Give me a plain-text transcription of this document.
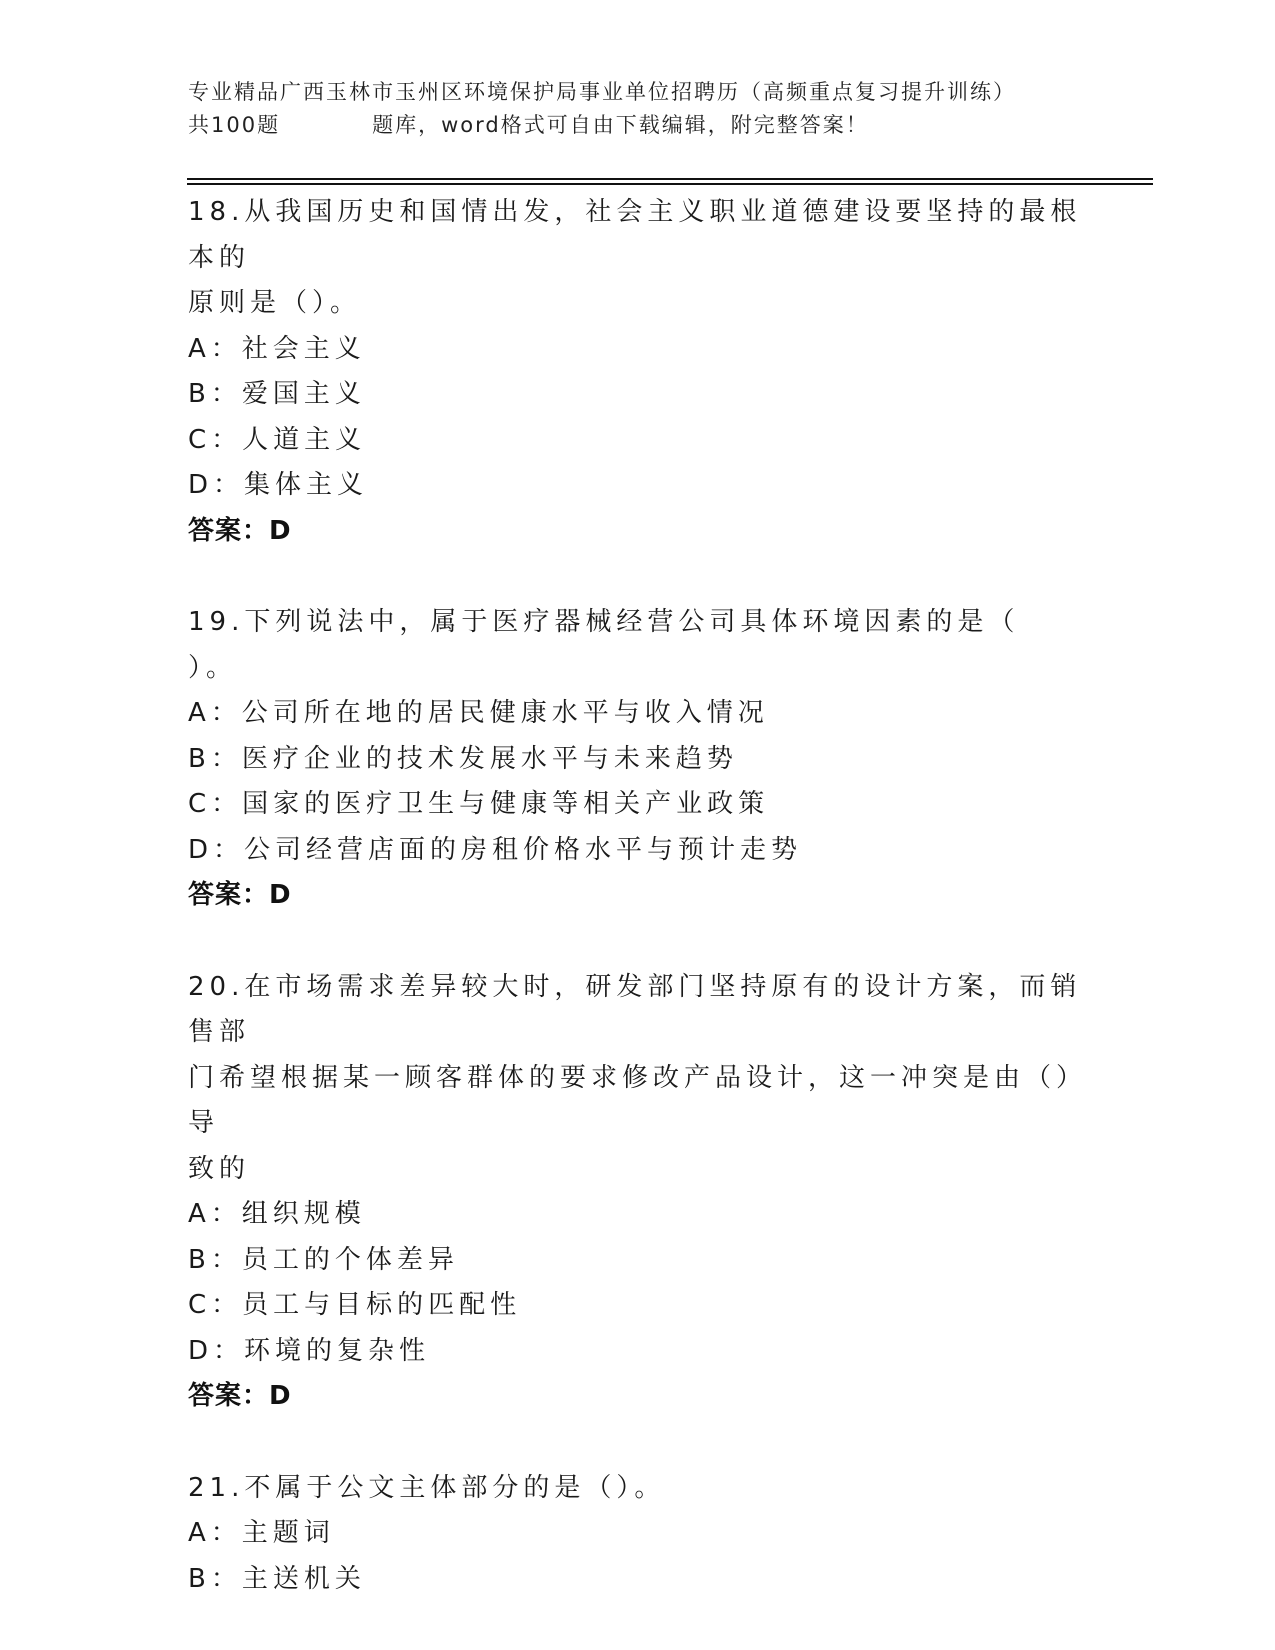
专业精品广西玉林市玉州区环境保护局事业单位招聘历（高频重点复习提升训练）
共100题	题库，word格式可自由下载编辑，附完整答案！
18.从我国历史和国情出发，社会主义职业道德建设要坚持的最根本的
原则是（）。
A：社会主义
B：爱国主义
C：人道主义
D：集体主义
答案：D
19.下列说法中，属于医疗器械经营公司具体环境因素的是（
）。
A：公司所在地的居民健康水平与收入情况
B：医疗企业的技术发展水平与未来趋势
C：国家的医疗卫生与健康等相关产业政策
D：公司经营店面的房租价格水平与预计走势
答案：D
20.在市场需求差异较大时，研发部门坚持原有的设计方案，而销售部
门希望根据某一顾客群体的要求修改产品设计，这一冲突是由（）导
致的
A：组织规模
B：员工的个体差异
C：员工与目标的匹配性
D：环境的复杂性
答案：D
21.不属于公文主体部分的是（）。
A：主题词
B：主送机关
